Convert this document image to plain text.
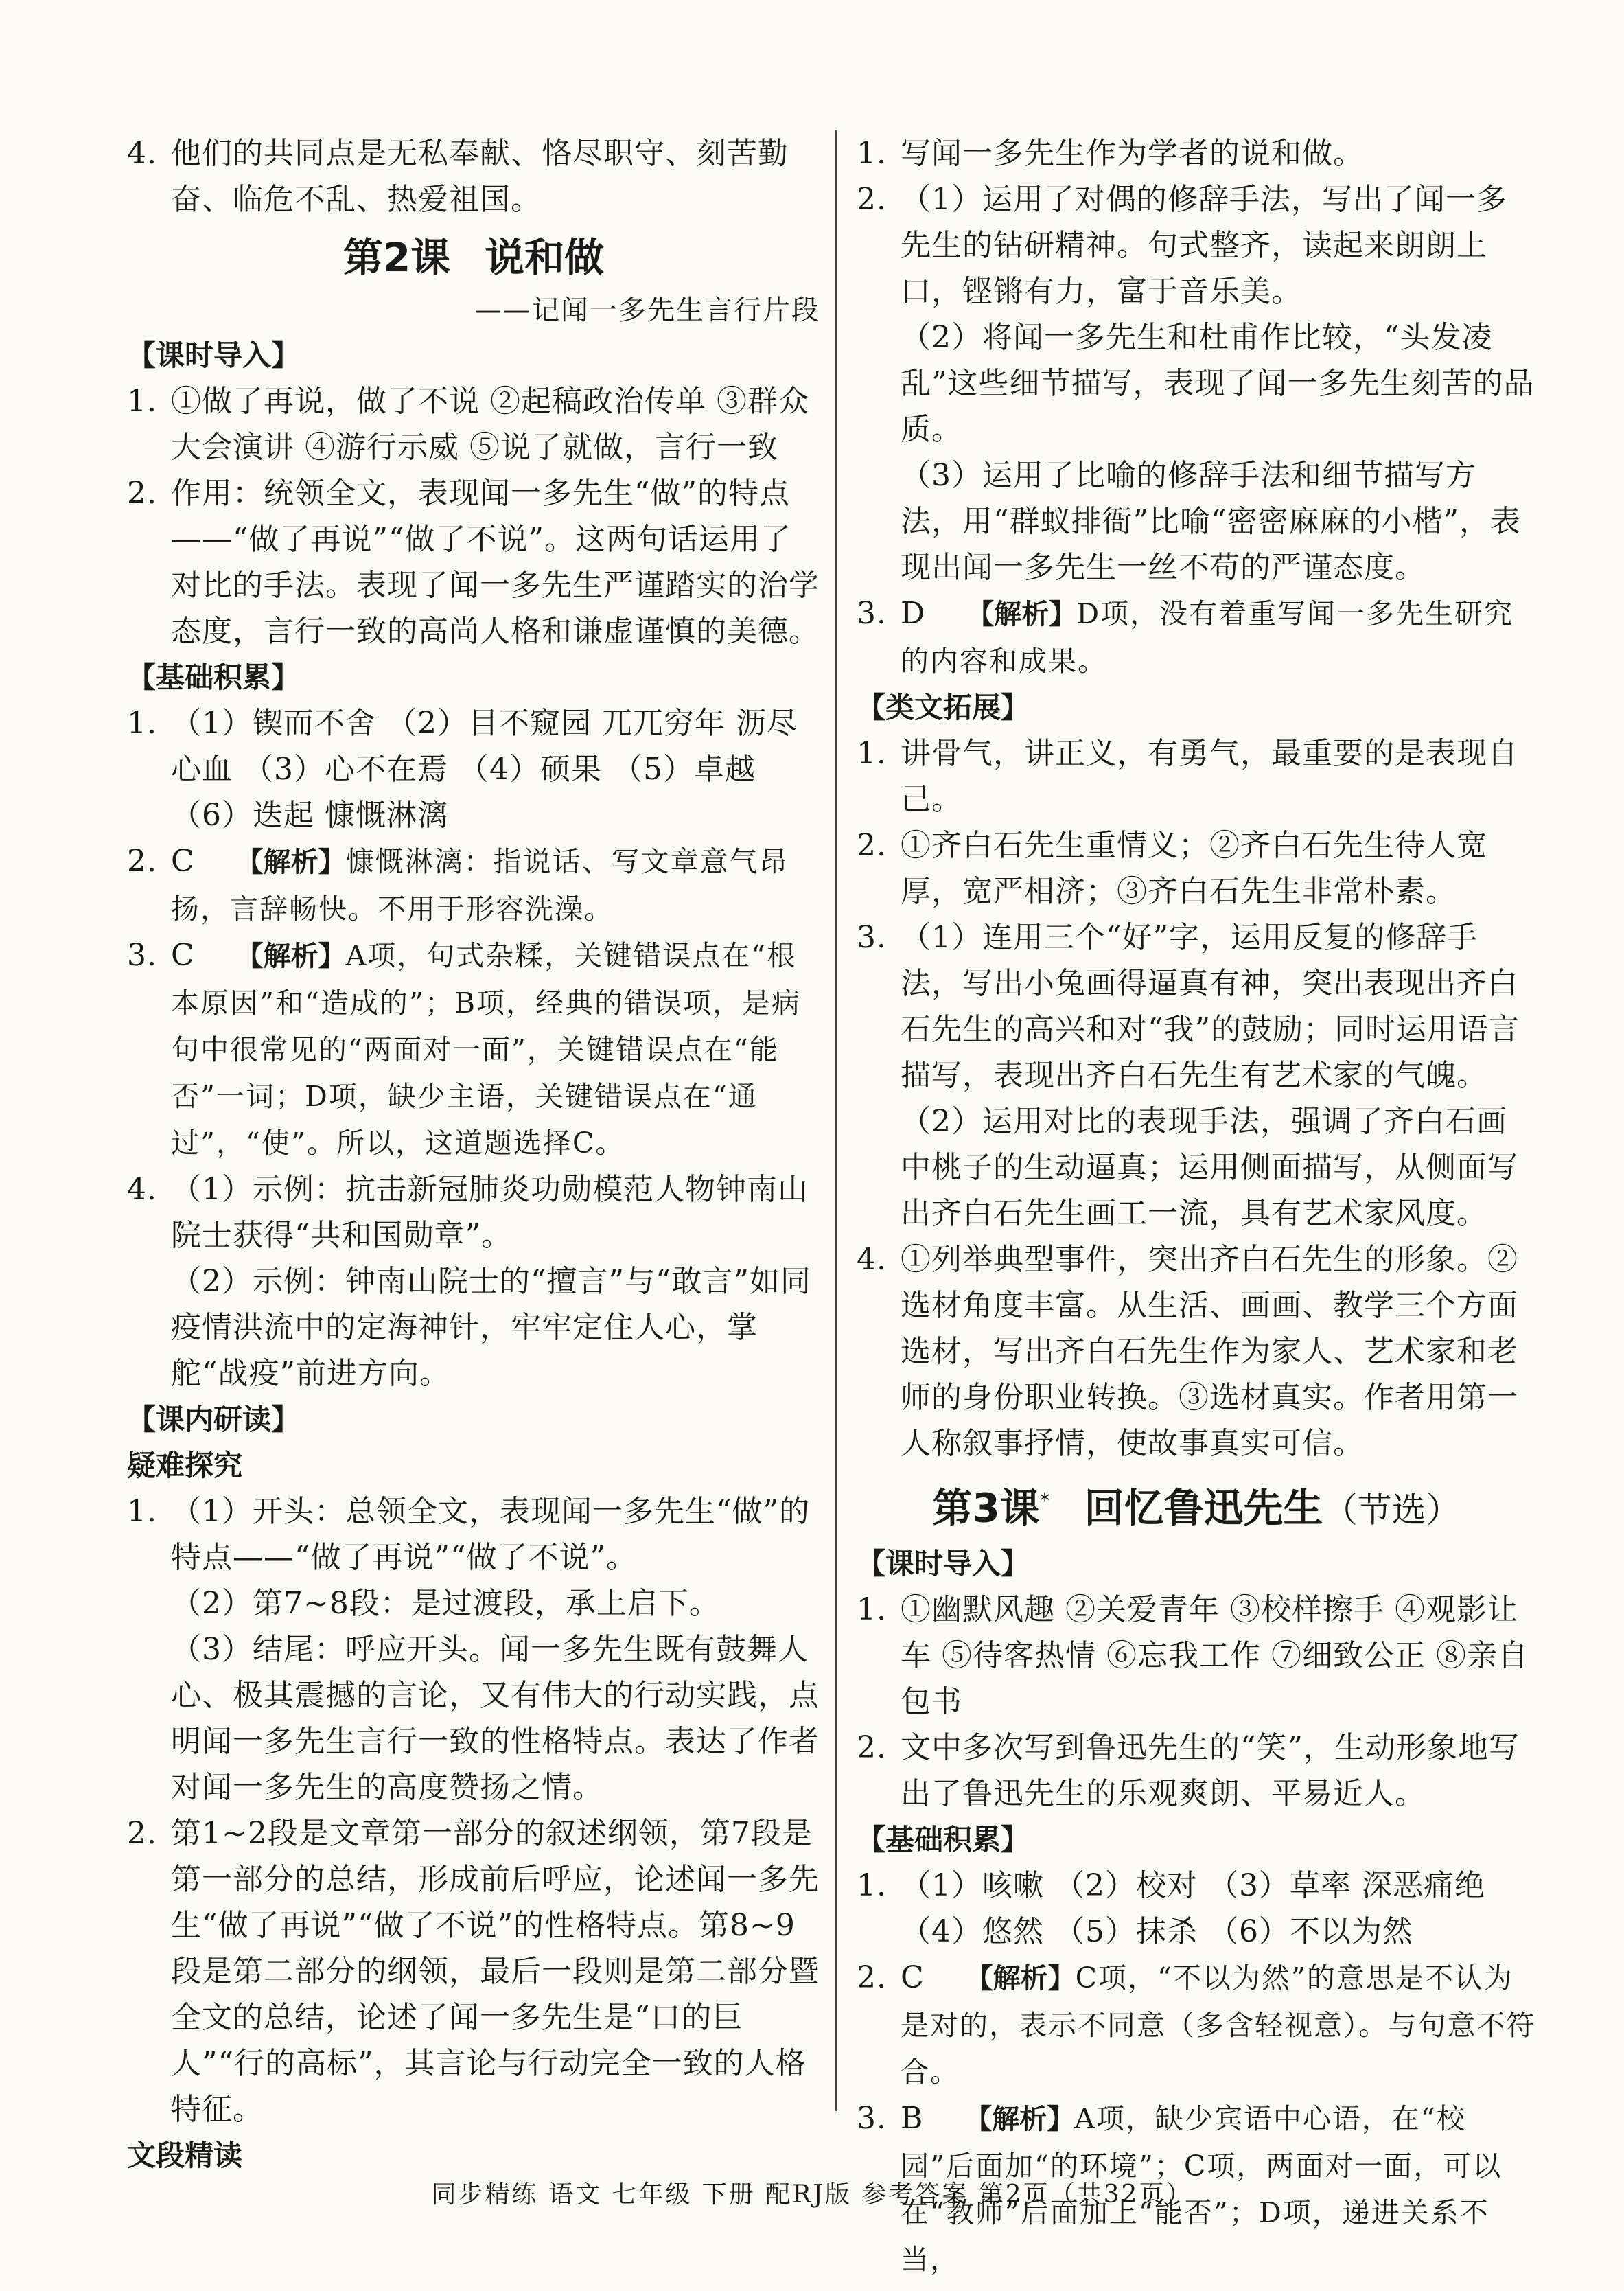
4. 他们的共同点是无私奉献、恪尽职守、刻苦勤奋、临危不乱、热爱祖国。
第2课 说和做

——记闻一多先生言行片段

【课时导入】

1. ①做了再说，做了不说 ②起稿政治传单 ③群众大会演讲 ④游行示威 ⑤说了就做，言行一致
2. 作用：统领全文，表现闻一多先生“做”的特点——“做了再说”“做了不说”。这两句话运用了对比的手法。表现了闻一多先生严谨踏实的治学态度，言行一致的高尚人格和谦虚谨慎的美德。

【基础积累】

1. （1）锲而不舍 （2）目不窥园 兀兀穷年 沥尽心血 （3）心不在焉 （4）硕果 （5）卓越

（6）迭起 慷慨淋漓

2. C 【解析】慷慨淋漓：指说话、写文章意气昂扬，言辞畅快。不用于形容洗澡。
3. C 【解析】A项，句式杂糅，关键错误点在“根本原因”和“造成的”；B项，经典的错误项，是病句中很常见的“两面对一面”，关键错误点在“能否”一词；D项，缺少主语，关键错误点在“通过”，“使”。所以，这道题选择C。
4. （1）示例：抗击新冠肺炎功勋模范人物钟南山院士获得“共和国勋章”。

（2）示例：钟南山院士的“擅言”与“敢言”如同疫情洪流中的定海神针，牢牢定住人心，掌舵“战疫”前进方向。

【课内研读】

疑难探究

1. （1）开头：总领全文，表现闻一多先生“做”的特点——“做了再说”“做了不说”。

（2）第7~8段：是过渡段，承上启下。

（3）结尾：呼应开头。闻一多先生既有鼓舞人心、极其震撼的言论，又有伟大的行动实践，点明闻一多先生言行一致的性格特点。表达了作者对闻一多先生的高度赞扬之情。

2. 第1~2段是文章第一部分的叙述纲领，第7段是第一部分的总结，形成前后呼应，论述闻一多先生“做了再说”“做了不说”的性格特点。第8~9段是第二部分的纲领，最后一段则是第二部分暨全文的总结，论述了闻一多先生是“口的巨人”“行的高标”，其言论与行动完全一致的人格特征。

文段精读

1. 写闻一多先生作为学者的说和做。
2. （1）运用了对偶的修辞手法，写出了闻一多先生的钻研精神。句式整齐，读起来朗朗上口，铿锵有力，富于音乐美。

（2）将闻一多先生和杜甫作比较，“头发凌乱”这些细节描写，表现了闻一多先生刻苦的品质。

（3）运用了比喻的修辞手法和细节描写方法，用“群蚁排衙”比喻“密密麻麻的小楷”，表现出闻一多先生一丝不苟的严谨态度。

3. D 【解析】D项，没有着重写闻一多先生研究的内容和成果。

【类文拓展】

1. 讲骨气，讲正义，有勇气，最重要的是表现自己。
2. ①齐白石先生重情义；②齐白石先生待人宽厚，宽严相济；③齐白石先生非常朴素。
3. （1）连用三个“好”字，运用反复的修辞手法，写出小兔画得逼真有神，突出表现出齐白石先生的高兴和对“我”的鼓励；同时运用语言描写，表现出齐白石先生有艺术家的气魄。

（2）运用对比的表现手法，强调了齐白石画中桃子的生动逼真；运用侧面描写，从侧面写出齐白石先生画工一流，具有艺术家风度。

4. ①列举典型事件，突出齐白石先生的形象。②选材角度丰富。从生活、画画、教学三个方面选材，写出齐白石先生作为家人、艺术家和老师的身份职业转换。③选材真实。作者用第一人称叙事抒情，使故事真实可信。
第3课* 回忆鲁迅先生（节选）

【课时导入】

1. ①幽默风趣 ②关爱青年 ③校样擦手 ④观影让车 ⑤待客热情 ⑥忘我工作 ⑦细致公正 ⑧亲自包书
2. 文中多次写到鲁迅先生的“笑”，生动形象地写出了鲁迅先生的乐观爽朗、平易近人。

【基础积累】

1. （1）咳嗽 （2）校对 （3）草率 深恶痛绝

（4）悠然 （5）抹杀 （6）不以为然

2. C 【解析】C项，“不以为然”的意思是不认为是对的，表示不同意（多含轻视意）。与句意不符合。
3. B 【解析】A项，缺少宾语中心语，在“校园”后面加“的环境”；C项，两面对一面，可以在“教师”后面加上“能否”；D项，递进关系不当，
同步精练 语文 七年级 下册 配RJ版 参考答案 第2页（共32页）
